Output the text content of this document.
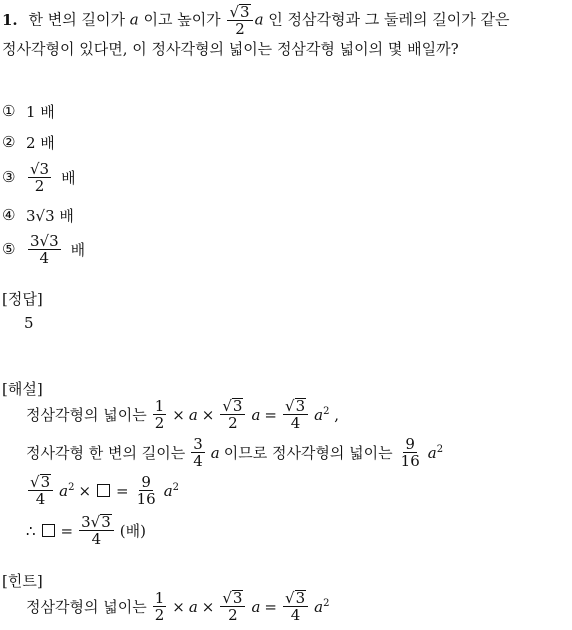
1. 한 변의 길이가 a 이고 높이가 $\frac{√ 3}{2}$ a 인 정삼각형과 그 둘레의 길이가 같은
정사각형이 있다면, 이 정사각형의 넓이는 정삼각형 넓이의 몇 배일까?
① 1 배
② 2 배
③ $\frac{√3}{2}$ 배
④ 3√3 배
⑤ $\frac{3√3}{4}$ 배
[정답]
5
[해설]
정삼각형의 넓이는 $\frac{1}{2} \times a \times \frac{√ 3}{2}$ $a = \frac{√ 3}{4} a^2$ ,
정사각형 한 변의 길이는 $\frac{3}{4}$ a 이므로 정사각형의 넓이는 $\frac{9}{16} a^2$
$\frac{√ 3}{4} a^2$ × = $\frac{9}{16} a^2$
∴ = $\frac{3 √ 3}{4}$ (배)
[힌트]
정삼각형의 넓이는 $\frac{1}{2} \times a \times \frac{√ 3}{2}$ $a = \frac{√ 3}{4} a^2$
